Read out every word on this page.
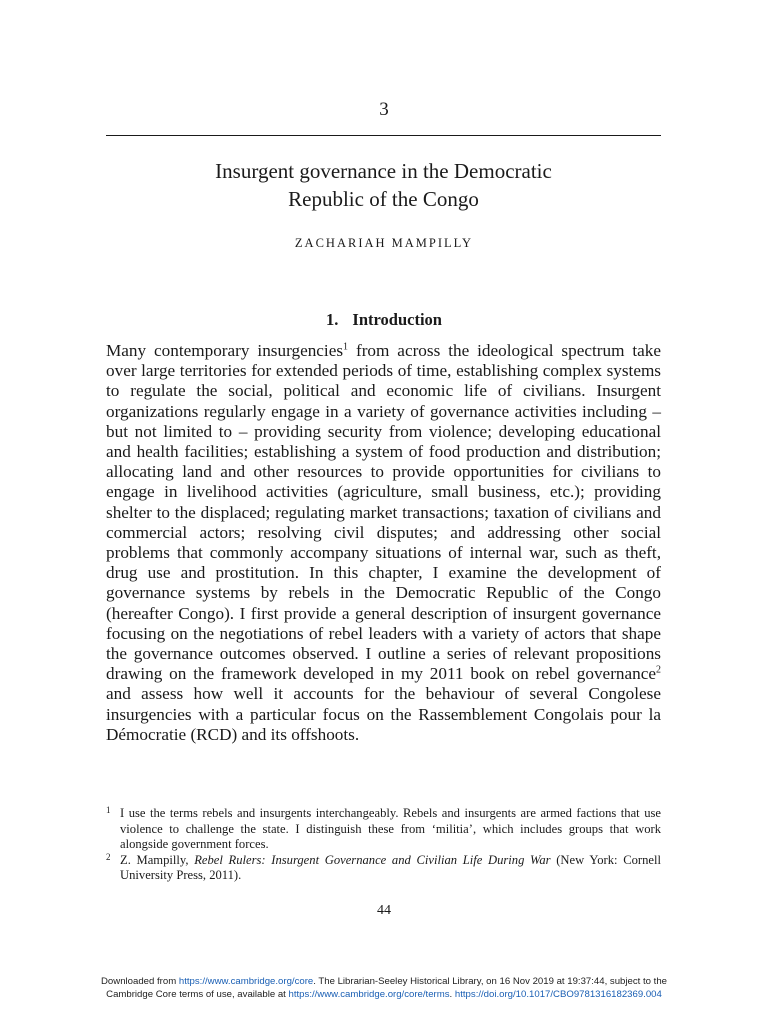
3
Insurgent governance in the Democratic
Republic of the Congo
ZACHARIAH MAMPILLY
1. Introduction

Many contemporary insurgencies$^1$ from across the ideological spectrum take over large territories for extended periods of time, establishing complex systems to regulate the social, political and economic life of civilians. Insurgent organizations regularly engage in a variety of governance activities including – but not limited to – providing security from violence; developing educational and health facilities; establishing a system of food production and distribution; allocating land and other resources to provide opportunities for civilians to engage in livelihood activities (agriculture, small business, etc.); providing shelter to the displaced; regulating market transactions; taxation of civilians and commercial actors; resolving civil disputes; and addressing other social problems that commonly accompany situations of internal war, such as theft, drug use and prostitution. In this chapter, I examine the development of governance systems by rebels in the Democratic Republic of the Congo (hereafter Congo). I first provide a general description of insurgent governance focusing on the negotiations of rebel leaders with a variety of actors that shape the governance outcomes observed. I outline a series of relevant propositions drawing on the framework developed in my 2011 book on rebel governance$^2$ and assess how well it accounts for the behaviour of several Congolese insurgencies with a particular focus on the Rassemblement Congolais pour la Démocratie (RCD) and its offshoots.

1 I use the terms rebels and insurgents interchangeably. Rebels and insurgents are armed factions that use violence to challenge the state. I distinguish these from ‘militia’, which includes groups that work alongside government forces.
2 Z. Mampilly, Rebel Rulers: Insurgent Governance and Civilian Life During War (New York: Cornell University Press, 2011).
44
Downloaded from https://www.cambridge.org/core. The Librarian-Seeley Historical Library, on 16 Nov 2019 at 19:37:44, subject to the
Cambridge Core terms of use, available at https://www.cambridge.org/core/terms. https://doi.org/10.1017/CBO9781316182369.004
